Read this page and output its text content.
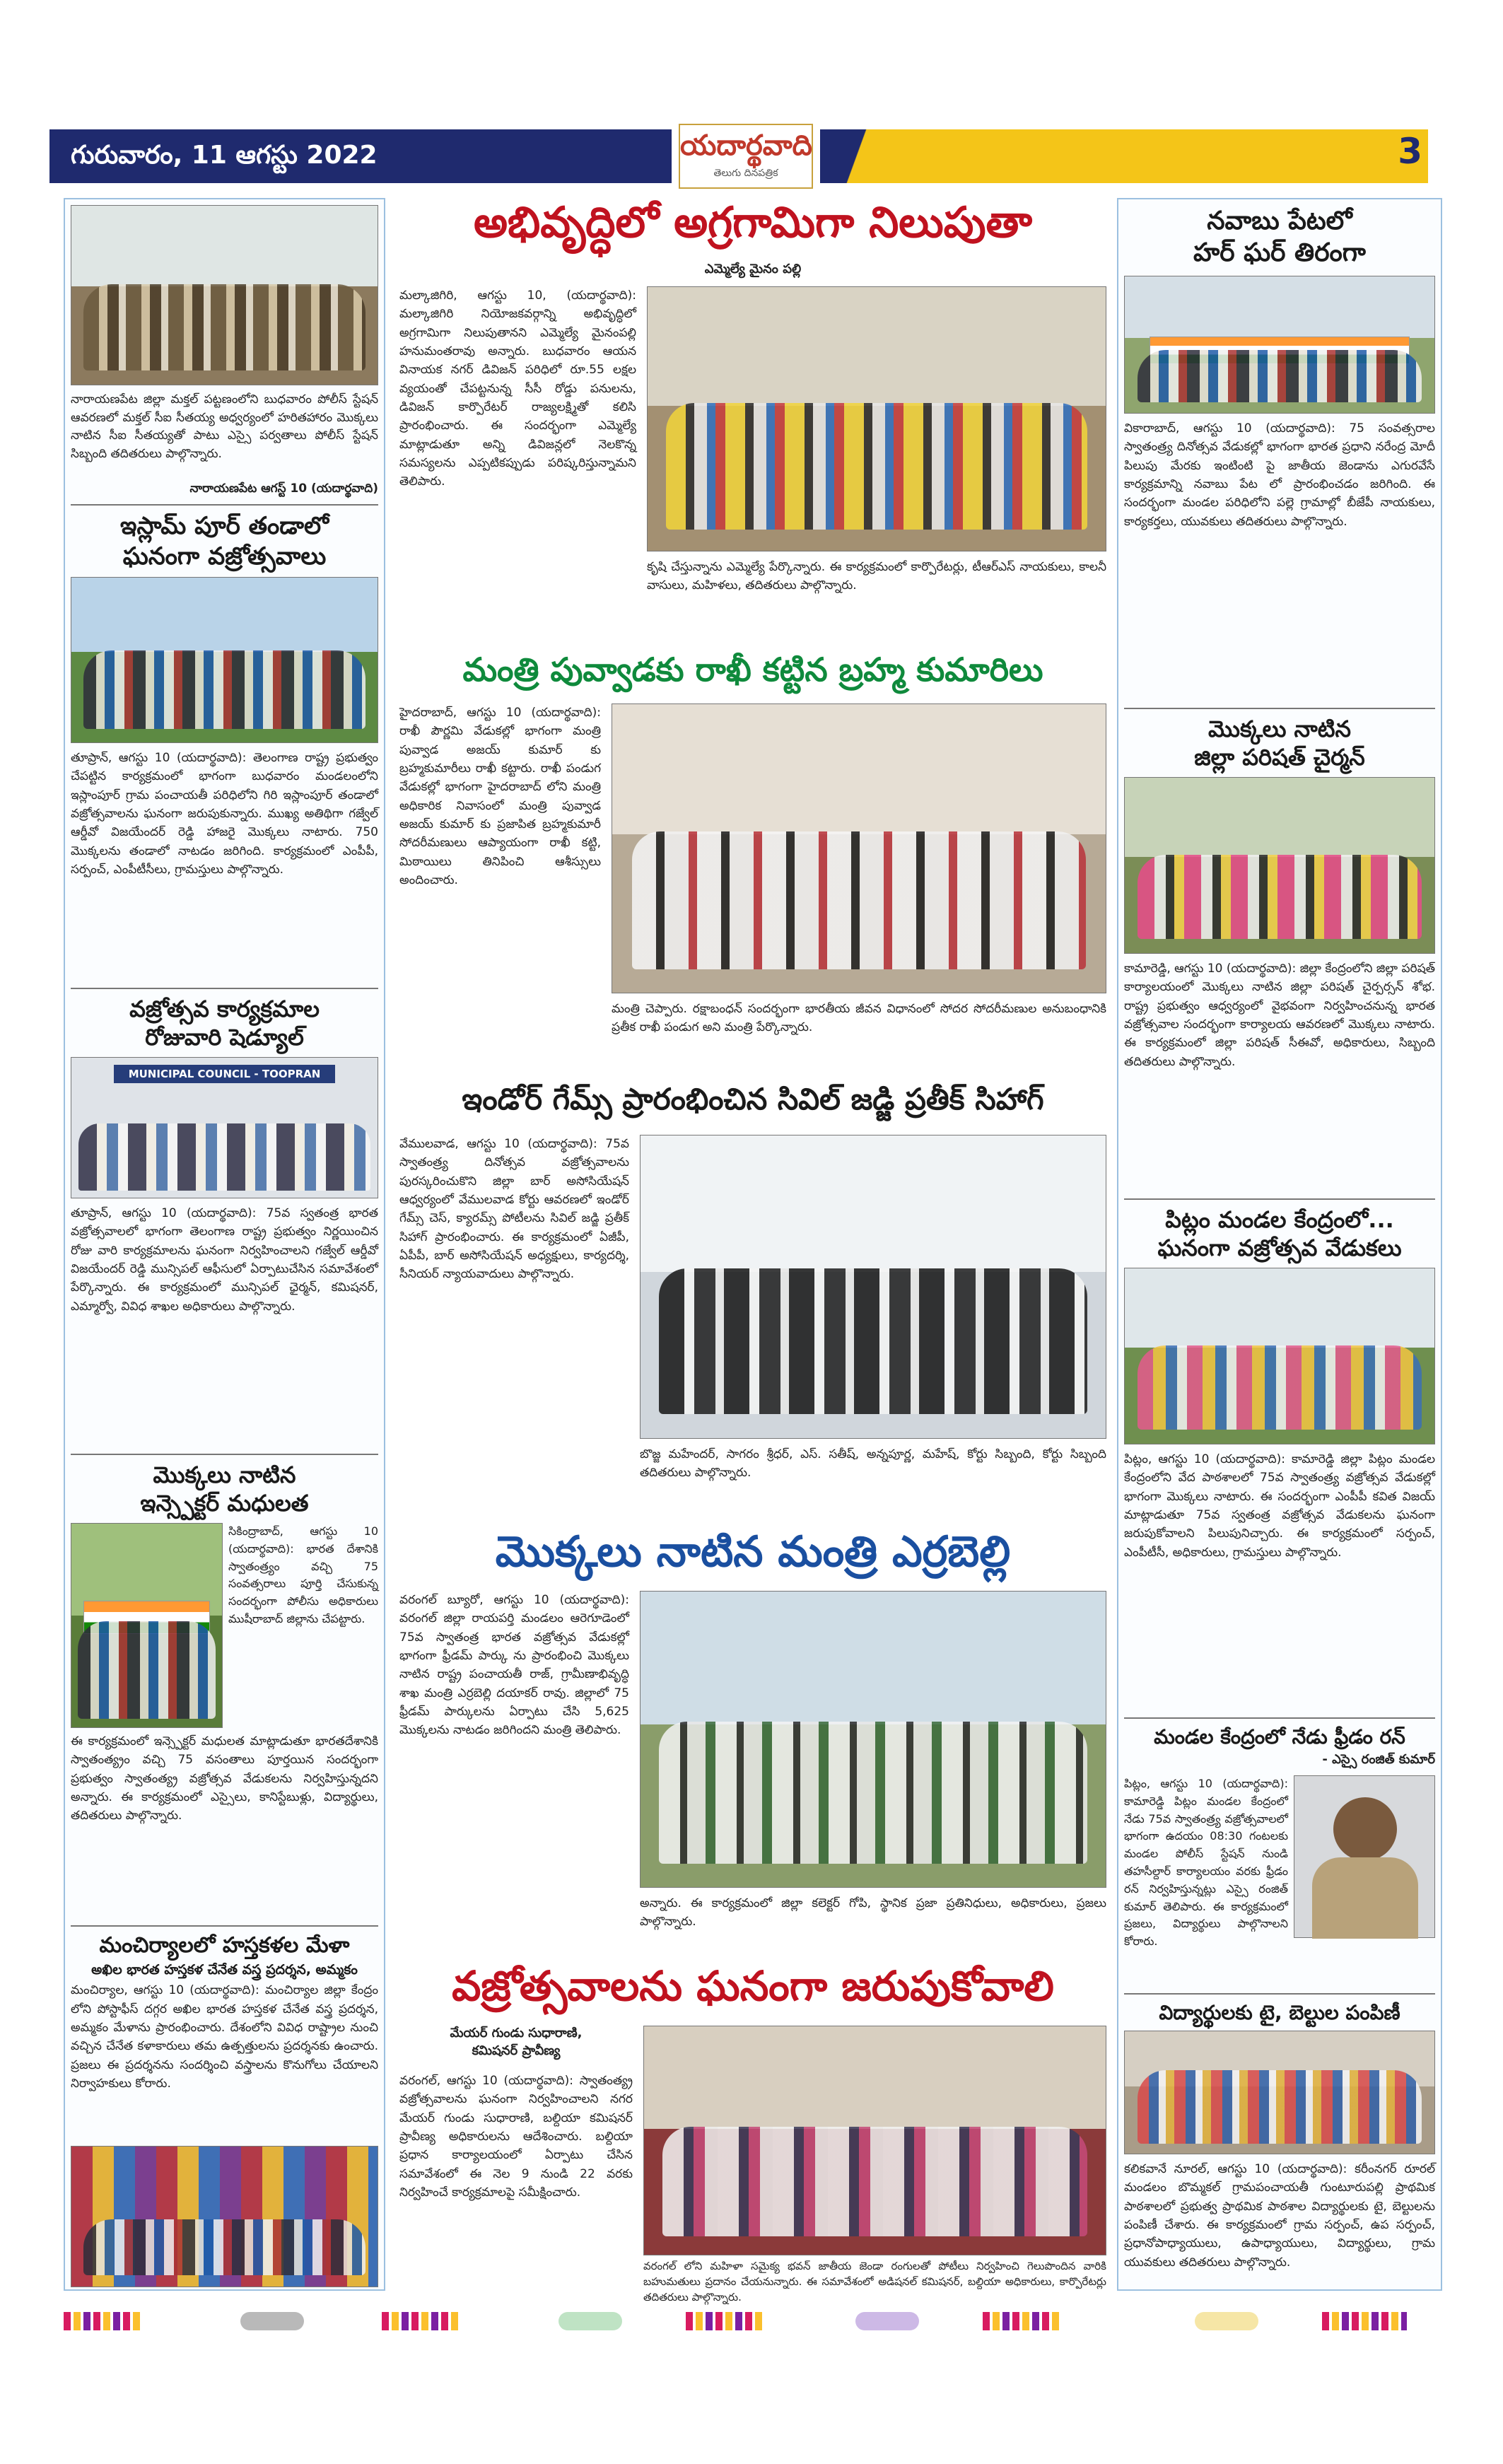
గురువారం, 11 ఆగస్టు 2022	యదార్థవాది
తెలుగు దినపత్రిక
3
నారాయణపేట జిల్లా మక్తల్ పట్టణంలోని బుధవారం పోలీస్ స్టేషన్ ఆవరణలో మక్తల్ సీఐ సీతయ్య అధ్వర్యంలో హరితహారం మొక్కలు నాటిన సీఐ సీతయ్యతో పాటు ఎస్సై పర్వతాలు పోలీస్ స్టేషన్ సిబ్బంది తదితరులు పాల్గొన్నారు.
నారాయణపేట ఆగస్ట్ 10 (యదార్థవాది)
ఇస్లామ్ పూర్ తండాలో
ఘనంగా వజ్రోత్సవాలు
తూప్రాన్, ఆగస్టు 10 (యదార్థవాది): తెలంగాణ రాష్ట్ర ప్రభుత్వం చేపట్టిన కార్యక్రమంలో భాగంగా బుధవారం మండలంలోని ఇస్లాంపూర్ గ్రామ పంచాయతీ పరిధిలోని గిరి ఇస్లాంపూర్ తండాలో వజ్రోత్సవాలను ఘనంగా జరుపుకున్నారు. ముఖ్య అతిథిగా గజ్వేల్ ఆర్డీవో విజయేందర్ రెడ్డి హాజరై మొక్కలు నాటారు. 750 మొక్కలను తండాలో నాటడం జరిగింది. కార్యక్రమంలో ఎంపీపీ, సర్పంచ్, ఎంపీటీసీలు, గ్రామస్తులు పాల్గొన్నారు.
వజ్రోత్సవ కార్యక్రమాల
రోజువారి షెడ్యూల్
MUNICIPAL COUNCIL - TOOPRAN
తూప్రాన్, ఆగస్టు 10 (యదార్థవాది): 75వ స్వతంత్ర భారత వజ్రోత్సవాలలో భాగంగా తెలంగాణ రాష్ట్ర ప్రభుత్వం నిర్ణయించిన రోజు వారి కార్యక్రమాలను ఘనంగా నిర్వహించాలని గజ్వేల్ ఆర్డీవో విజయేందర్ రెడ్డి మున్సిపల్ ఆఫీసులో ఏర్పాటుచేసిన సమావేశంలో పేర్కొన్నారు. ఈ కార్యక్రమంలో మున్సిపల్ ఛైర్మన్, కమిషనర్, ఎమ్మార్వో, వివిధ శాఖల అధికారులు పాల్గొన్నారు.
మొక్కలు నాటిన
ఇన్స్పెక్టర్ మధులత
సికింద్రాబాద్, ఆగస్టు 10 (యదార్థవాది): భారత దేశానికి స్వాతంత్ర్యం వచ్చి 75 సంవత్సరాలు పూర్తి చేసుకున్న సందర్భంగా పోలీసు అధికారులు ముషీరాబాద్ జిల్లాను చేపట్టారు.
ఈ కార్యక్రమంలో ఇన్స్పెక్టర్ మధులత మాట్లాడుతూ భారతదేశానికి స్వాతంత్య్రం వచ్చి 75 వసంతాలు పూర్తయిన సందర్భంగా ప్రభుత్వం స్వాతంత్య్ర వజ్రోత్సవ వేడుకలను నిర్వహిస్తున్నదని అన్నారు. ఈ కార్యక్రమంలో ఎస్సైలు, కానిస్టేబుళ్లు, విద్యార్థులు, తదితరులు పాల్గొన్నారు.
మంచిర్యాలలో హస్తకళల మేళా
అఖిల భారత హస్తకళ చేనేత వస్త్ర ప్రదర్శన, అమ్మకం
మంచిర్యాల, ఆగస్టు 10 (యదార్థవాది): మంచిర్యాల జిల్లా కేంద్రం లోని పోస్టాఫీస్ దగ్గర అఖిల భారత హస్తకళ చేనేత వస్త్ర ప్రదర్శన, అమ్మకం మేళాను ప్రారంభించారు. దేశంలోని వివిధ రాష్ట్రాల నుంచి వచ్చిన చేనేత కళాకారులు తమ ఉత్పత్తులను ప్రదర్శనకు ఉంచారు. ప్రజలు ఈ ప్రదర్శనను సందర్శించి వస్త్రాలను కొనుగోలు చేయాలని నిర్వాహకులు కోరారు.
అభివృద్ధిలో అగ్రగామిగా నిలుపుతా
ఎమ్మెల్యే మైనం పల్లి
మల్కాజిగిరి, ఆగస్టు 10, (యదార్థవాది): మల్కాజిగిరి నియోజకవర్గాన్ని అభివృద్ధిలో అగ్రగామిగా నిలుపుతానని ఎమ్మెల్యే మైనంపల్లి హనుమంతరావు అన్నారు. బుధవారం ఆయన వినాయక నగర్ డివిజన్ పరిధిలో రూ.55 లక్షల వ్యయంతో చేపట్టనున్న సీసీ రోడ్డు పనులను, డివిజన్ కార్పొరేటర్ రాజ్యలక్ష్మితో కలిసి ప్రారంభించారు. ఈ సందర్భంగా ఎమ్మెల్యే మాట్లాడుతూ అన్ని డివిజన్లలో నెలకొన్న సమస్యలను ఎప్పటికప్పుడు పరిష్కరిస్తున్నామని తెలిపారు.
కృషి చేస్తున్నాను ఎమ్మెల్యే పేర్కొన్నారు. ఈ కార్యక్రమంలో కార్పొరేటర్లు, టీఆర్ఎస్ నాయకులు, కాలనీ వాసులు, మహిళలు, తదితరులు పాల్గొన్నారు.
మంత్రి పువ్వాడకు రాఖీ కట్టిన బ్రహ్మ కుమారిలు
హైదరాబాద్, ఆగస్టు 10 (యదార్థవాది): రాఖీ పౌర్ణమి వేడుకల్లో భాగంగా మంత్రి పువ్వాడ అజయ్ కుమార్ కు బ్రహ్మకుమారీలు రాఖీ కట్టారు. రాఖీ పండుగ వేడుకల్లో భాగంగా హైదరాబాద్ లోని మంత్రి అధికారిక నివాసంలో మంత్రి పువ్వాడ అజయ్ కుమార్ కు ప్రజాపిత బ్రహ్మకుమారీ సోదరీమణులు ఆప్యాయంగా రాఖీ కట్టి, మిఠాయిలు తినిపించి ఆశీస్సులు అందించారు.
మంత్రి చెప్పారు. రక్షాబంధన్ సందర్భంగా భారతీయ జీవన విధానంలో సోదర సోదరీమణుల అనుబంధానికి ప్రతీక రాఖీ పండుగ అని మంత్రి పేర్కొన్నారు.
ఇండోర్ గేమ్స్ ప్రారంభించిన సివిల్ జడ్జి ప్రతీక్ సిహాగ్
వేములవాడ, ఆగస్టు 10 (యదార్థవాది): 75వ స్వాతంత్ర్య దినోత్సవ వజ్రోత్సవాలను పురస్కరించుకొని జిల్లా బార్ అసోసియేషన్ ఆధ్వర్యంలో వేములవాడ కోర్టు ఆవరణలో ఇండోర్ గేమ్స్ చెస్, క్యారమ్స్ పోటీలను సివిల్ జడ్జి ప్రతీక్ సిహాగ్ ప్రారంభించారు. ఈ కార్యక్రమంలో ఏజీపీ, ఏపీపీ, బార్ అసోసియేషన్ అధ్యక్షులు, కార్యదర్శి, సీనియర్ న్యాయవాదులు పాల్గొన్నారు.
బొజ్జ మహేందర్, సాగరం శ్రీధర్, ఎస్. సతీష్, అన్నపూర్ణ, మహేష్, కోర్టు సిబ్బంది, కోర్టు సిబ్బంది తదితరులు పాల్గొన్నారు.
మొక్కలు నాటిన మంత్రి ఎర్రబెల్లి
వరంగల్ బ్యూరో, ఆగస్టు 10 (యదార్థవాది): వరంగల్ జిల్లా రాయపర్తి మండలం ఆరెగూడెంలో 75వ స్వాతంత్ర భారత వజ్రోత్సవ వేడుకల్లో భాగంగా ఫ్రీడమ్ పార్కు ను ప్రారంభించి మొక్కలు నాటిన రాష్ట్ర పంచాయతీ రాజ్, గ్రామీణాభివృద్ధి శాఖ మంత్రి ఎర్రబెల్లి దయాకర్ రావు. జిల్లాలో 75 ఫ్రీడమ్ పార్కులను ఏర్పాటు చేసి 5,625 మొక్కలను నాటడం జరిగిందని మంత్రి తెలిపారు.
అన్నారు. ఈ కార్యక్రమంలో జిల్లా కలెక్టర్ గోపి, స్థానిక ప్రజా ప్రతినిధులు, అధికారులు, ప్రజలు పాల్గొన్నారు.
వజ్రోత్సవాలను ఘనంగా జరుపుకోవాలి
మేయర్ గుండు సుధారాణి,
కమిషనర్ ప్రావీణ్య
వరంగల్, ఆగస్టు 10 (యదార్థవాది): స్వాతంత్య్ర వజ్రోత్సవాలను ఘనంగా నిర్వహించాలని నగర మేయర్ గుండు సుధారాణి, బల్దియా కమిషనర్ ప్రావీణ్య అధికారులను ఆదేశించారు. బల్దియా ప్రధాన కార్యాలయంలో ఏర్పాటు చేసిన సమావేశంలో ఈ నెల 9 నుండి 22 వరకు నిర్వహించే కార్యక్రమాలపై సమీక్షించారు.
వరంగల్ లోని మహిళా సమైక్య భవన్ జాతీయ జెండా రంగులతో పోటీలు నిర్వహించి గెలుపొందిన వారికి బహుమతులు ప్రదానం చేయనున్నారు. ఈ సమావేశంలో అడిషనల్ కమిషనర్, బల్దియా అధికారులు, కార్పొరేటర్లు తదితరులు పాల్గొన్నారు.
నవాబు పేటలో
హర్ ఘర్ తిరంగా
వికారాబాద్, ఆగస్టు 10 (యదార్థవాది): 75 సంవత్సరాల స్వాతంత్ర్య దినోత్సవ వేడుకల్లో భాగంగా భారత ప్రధాని నరేంద్ర మోదీ పిలుపు మేరకు ఇంటింటి పై జాతీయ జెండాను ఎగురవేసే కార్యక్రమాన్ని నవాబు పేట లో ప్రారంభించడం జరిగింది. ఈ సందర్భంగా మండల పరిధిలోని పల్లె గ్రామాల్లో బీజేపీ నాయకులు, కార్యకర్తలు, యువకులు తదితరులు పాల్గొన్నారు.
మొక్కలు నాటిన
జిల్లా పరిషత్ చైర్మన్
కామారెడ్డి, ఆగస్టు 10 (యదార్థవాది): జిల్లా కేంద్రంలోని జిల్లా పరిషత్ కార్యాలయంలో మొక్కలు నాటిన జిల్లా పరిషత్ చైర్పర్సన్ శోభ. రాష్ట్ర ప్రభుత్వం ఆధ్వర్యంలో వైభవంగా నిర్వహించనున్న భారత వజ్రోత్సవాల సందర్భంగా కార్యాలయ ఆవరణలో మొక్కలు నాటారు. ఈ కార్యక్రమంలో జిల్లా పరిషత్ సీఈవో, అధికారులు, సిబ్బంది తదితరులు పాల్గొన్నారు.
పిట్లం మండల కేంద్రంలో...
ఘనంగా వజ్రోత్సవ వేడుకలు
పిట్లం, ఆగస్టు 10 (యదార్థవాది): కామారెడ్డి జిల్లా పిట్లం మండల కేంద్రంలోని వేద పాఠశాలలో 75వ స్వాతంత్ర్య వజ్రోత్సవ వేడుకల్లో భాగంగా మొక్కలు నాటారు. ఈ సందర్భంగా ఎంపీపీ కవిత విజయ్ మాట్లాడుతూ 75వ స్వతంత్ర వజ్రోత్సవ వేడుకలను ఘనంగా జరుపుకోవాలని పిలుపునిచ్చారు. ఈ కార్యక్రమంలో సర్పంచ్, ఎంపీటీసీ, అధికారులు, గ్రామస్తులు పాల్గొన్నారు.
మండల కేంద్రంలో నేడు ఫ్రీడం రన్
- ఎస్సై రంజిత్ కుమార్
పిట్లం, ఆగస్టు 10 (యదార్థవాది): కామారెడ్డి పిట్లం మండల కేంద్రంలో నేడు 75వ స్వాతంత్ర్య వజ్రోత్సవాలలో భాగంగా ఉదయం 08:30 గంటలకు మండల పోలీస్ స్టేషన్ నుండి తహసీల్దార్ కార్యాలయం వరకు ఫ్రీడం రన్ నిర్వహిస్తున్నట్లు ఎస్సై రంజిత్ కుమార్ తెలిపారు. ఈ కార్యక్రమంలో ప్రజలు, విద్యార్థులు పాల్గొనాలని కోరారు.
విద్యార్థులకు టై, బెల్టుల పంపిణీ
కలికవానే నూరల్, ఆగస్టు 10 (యదార్థవాది): కరీంనగర్ రూరల్ మండలం బొమ్మకల్ గ్రామపంచాయతీ గుంటూరుపల్లి ప్రాథమిక పాఠశాలలో ప్రభుత్వ ప్రాథమిక పాఠశాల విద్యార్థులకు టై, బెల్టులను పంపిణీ చేశారు. ఈ కార్యక్రమంలో గ్రామ సర్పంచ్, ఉప సర్పంచ్, ప్రధానోపాధ్యాయులు, ఉపాధ్యాయులు, విద్యార్థులు, గ్రామ యువకులు తదితరులు పాల్గొన్నారు.
